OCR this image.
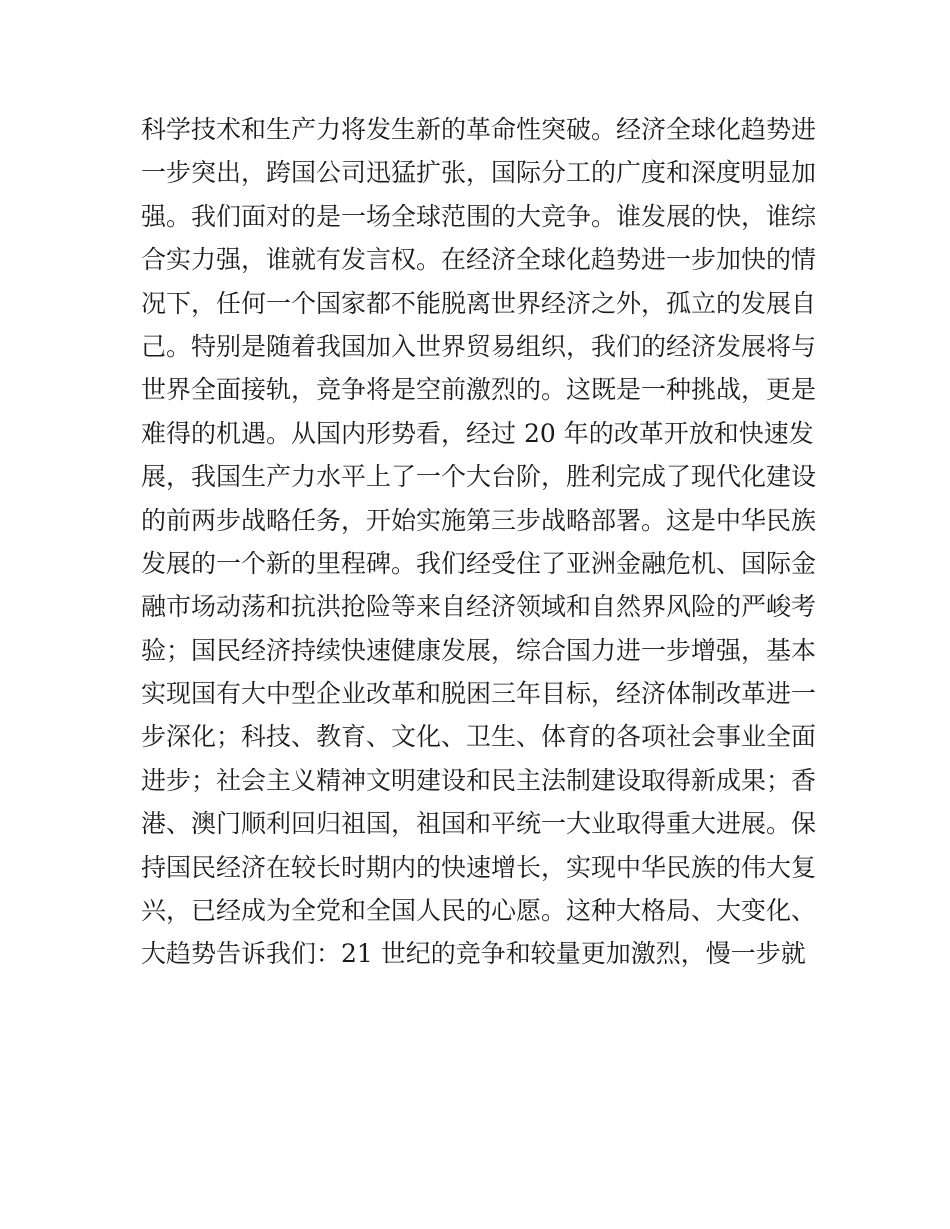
科学技术和生产力将发生新的革命性突破。经济全球化趋势进
一步突出，跨国公司迅猛扩张，国际分工的广度和深度明显加
强。我们面对的是一场全球范围的大竞争。谁发展的快，谁综
合实力强，谁就有发言权。在经济全球化趋势进一步加快的情
况下，任何一个国家都不能脱离世界经济之外，孤立的发展自
己。特别是随着我国加入世界贸易组织，我们的经济发展将与
世界全面接轨，竞争将是空前激烈的。这既是一种挑战，更是
难得的机遇。从国内形势看，经过 20 年的改革开放和快速发
展，我国生产力水平上了一个大台阶，胜利完成了现代化建设
的前两步战略任务，开始实施第三步战略部署。这是中华民族
发展的一个新的里程碑。我们经受住了亚洲金融危机、国际金
融市场动荡和抗洪抢险等来自经济领域和自然界风险的严峻考
验；国民经济持续快速健康发展，综合国力进一步增强，基本
实现国有大中型企业改革和脱困三年目标，经济体制改革进一
步深化；科技、教育、文化、卫生、体育的各项社会事业全面
进步；社会主义精神文明建设和民主法制建设取得新成果；香
港、澳门顺利回归祖国，祖国和平统一大业取得重大进展。保
持国民经济在较长时期内的快速增长，实现中华民族的伟大复
兴，已经成为全党和全国人民的心愿。这种大格局、大变化、
大趋势告诉我们：21 世纪的竞争和较量更加激烈，慢一步就
